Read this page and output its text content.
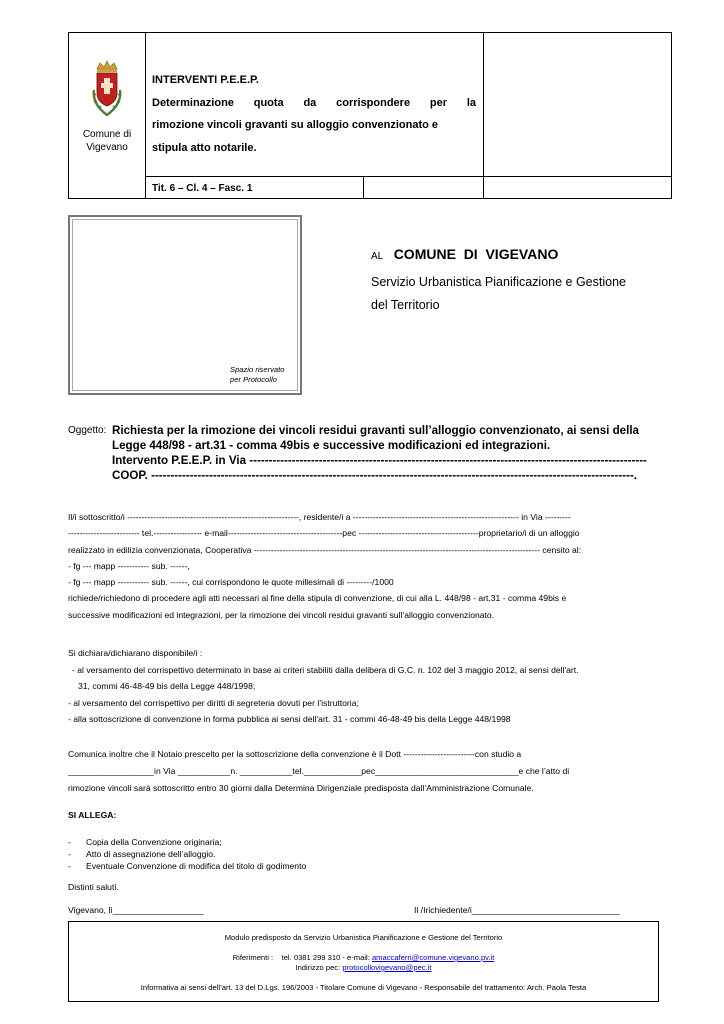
Comune di
Vigevano
INTERVENTI P.E.E.P.
Determinazione quota da corrispondere per la
rimozione vincoli gravanti su alloggio convenzionato e
stipula atto notarile.
Tit. 6 – Cl. 4 – Fasc. 1
Spazio riservato
per Protocollo
AL COMUNE  DI  VIGEVANO
Servizio Urbanistica Pianificazione e Gestione
del Territorio
Oggetto: Richiesta per la rimozione dei vincoli residui gravanti sull’alloggio convenzionato, ai sensi della
Legge 448/98 - art.31 - comma 49bis e successive modificazioni ed integrazioni.
Intervento P.E.E.P. in Via -------------------------------------------------------------------------------------------------------
COOP. -----------------------------------------------------------------------------------------------------------------------------.
Il/i sottoscritto/i ------------------------------------------------------------, residente/i a ---------------------------------------------------------- in Via ---------
------------------------- tel.----------------- e-mail----------------------------------------pec ------------------------------------------proprietario/i di un alloggio
realizzato in edilizia convenzionata, Cooperativa ---------------------------------------------------------------------------------------------------- censito al:
- fg --- mapp ----------- sub. ------,
- fg --- mapp ----------- sub. ------, cui corrispondono le quote millesimali di ---------/1000
richiede/richiedono di procedere agli atti necessari al fine della stipula di convenzione, di cui alla L. 448/98 - art.31 - comma 49bis e
successive modificazioni ed integrazioni, per la rimozione dei vincoli residui gravanti sull’alloggio convenzionato.
Si dichiara/dichiarano disponibile/i :
- al versamento del corrispettivo determinato in base ai criteri stabiliti dalla delibera di G.C. n. 102 del 3 maggio 2012, ai sensi dell'art.
31, commi 46-48-49 bis della Legge 448/1998;
- al versamento del corrispettivo per diritti di segreteria dovuti per l’istruttoria;
- alla sottoscrizione di convenzione in forma pubblica ai sensi dell'art. 31 - commi 46-48-49 bis della Legge 448/1998
Comunica inoltre che il Notaio prescelto per la sottoscrizione della convenzione è il Dott -------------------------con studio a
__________________in Via ___________n. ___________tel.____________pec______________________________e che l’atto di
rimozione vincoli sarà sottoscritto entro 30 giorni dalla Determina Dirigenziale predisposta dall’Amministrazione Comunale.
SI ALLEGA:
- Copia della Convenzione originaria;
- Atto di assegnazione dell’alloggio.
- Eventuale Convenzione di modifica del titolo di godimento
Distinti saluti.
Vigevano, lì___________________	Il /Irichiedente/i_______________________________
Modulo predisposto da Servizio Urbanistica Pianificazione e Gestione del Territorio
Riferimenti :    tel. 0381 299 310 - e-mail: amaccaferri@comune.vigevano.pv.it
Indirizzo pec: protocollovigevano@pec.it
Informativa ai sensi dell’art. 13 del D.Lgs. 196/2003 - Titolare Comune di Vigevano - Responsabile del trattamento: Arch. Paola Testa
